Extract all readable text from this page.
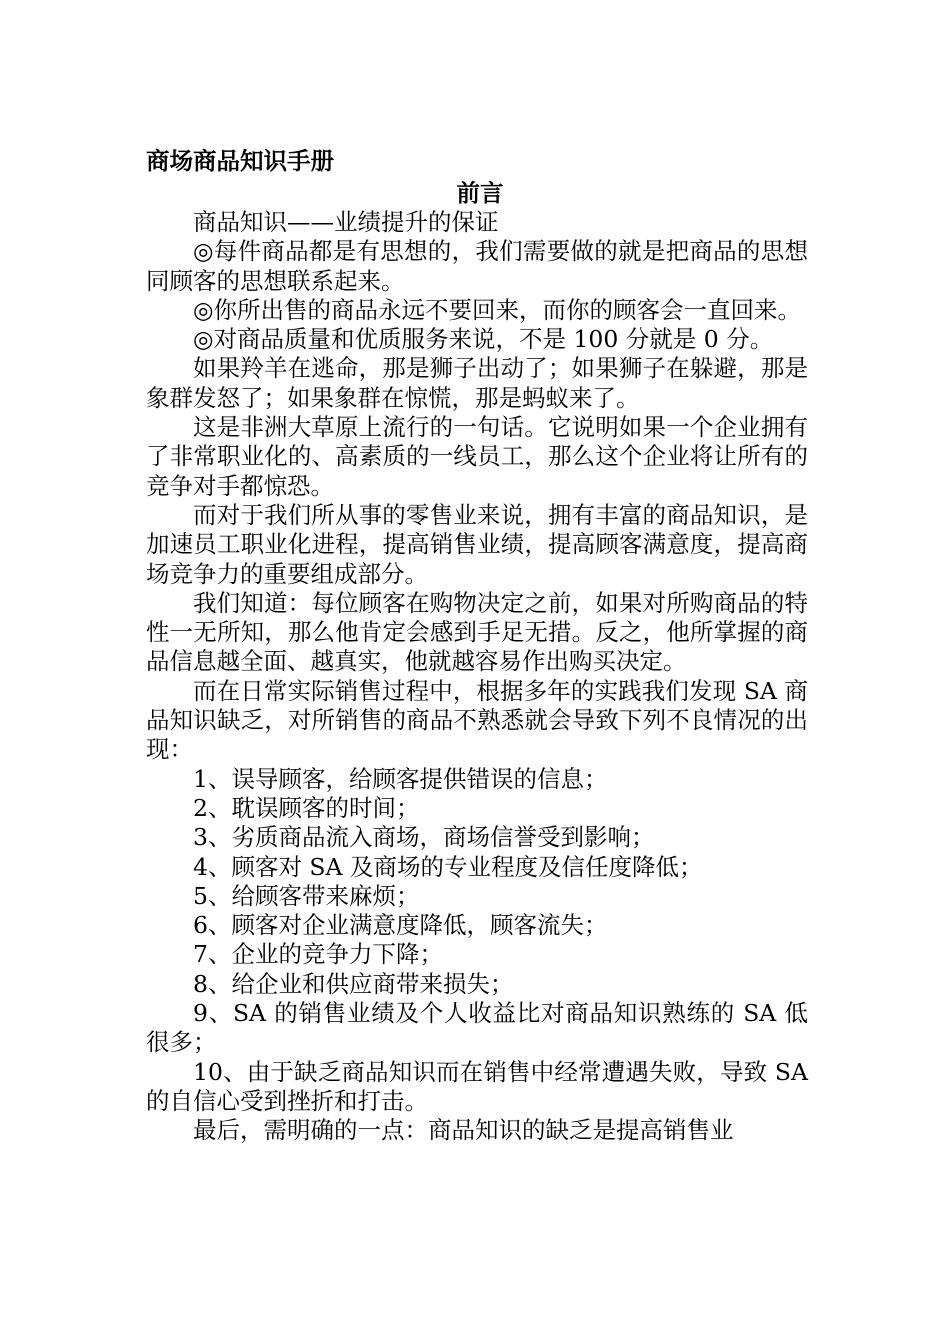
商场商品知识手册
前言

商品知识——业绩提升的保证

◎每件商品都是有思想的，我们需要做的就是把商品的思想同顾客的思想联系起来。

◎你所出售的商品永远不要回来，而你的顾客会一直回来。

◎对商品质量和优质服务来说，不是 100 分就是 0 分。

如果羚羊在逃命，那是狮子出动了；如果狮子在躲避，那是象群发怒了；如果象群在惊慌，那是蚂蚁来了。

这是非洲大草原上流行的一句话。它说明如果一个企业拥有了非常职业化的、高素质的一线员工，那么这个企业将让所有的竞争对手都惊恐。

而对于我们所从事的零售业来说，拥有丰富的商品知识，是加速员工职业化进程，提高销售业绩，提高顾客满意度，提高商场竞争力的重要组成部分。

我们知道：每位顾客在购物决定之前，如果对所购商品的特性一无所知，那么他肯定会感到手足无措。反之，他所掌握的商品信息越全面、越真实，他就越容易作出购买决定。

而在日常实际销售过程中，根据多年的实践我们发现 SA 商品知识缺乏，对所销售的商品不熟悉就会导致下列不良情况的出现：

1、误导顾客，给顾客提供错误的信息；

2、耽误顾客的时间；

3、劣质商品流入商场，商场信誉受到影响；

4、顾客对 SA 及商场的专业程度及信任度降低；

5、给顾客带来麻烦；

6、顾客对企业满意度降低，顾客流失；

7、企业的竞争力下降；

8、给企业和供应商带来损失；

9、SA 的销售业绩及个人收益比对商品知识熟练的 SA 低很多；

10、由于缺乏商品知识而在销售中经常遭遇失败，导致 SA 的自信心受到挫折和打击。

最后，需明确的一点：商品知识的缺乏是提高销售业
